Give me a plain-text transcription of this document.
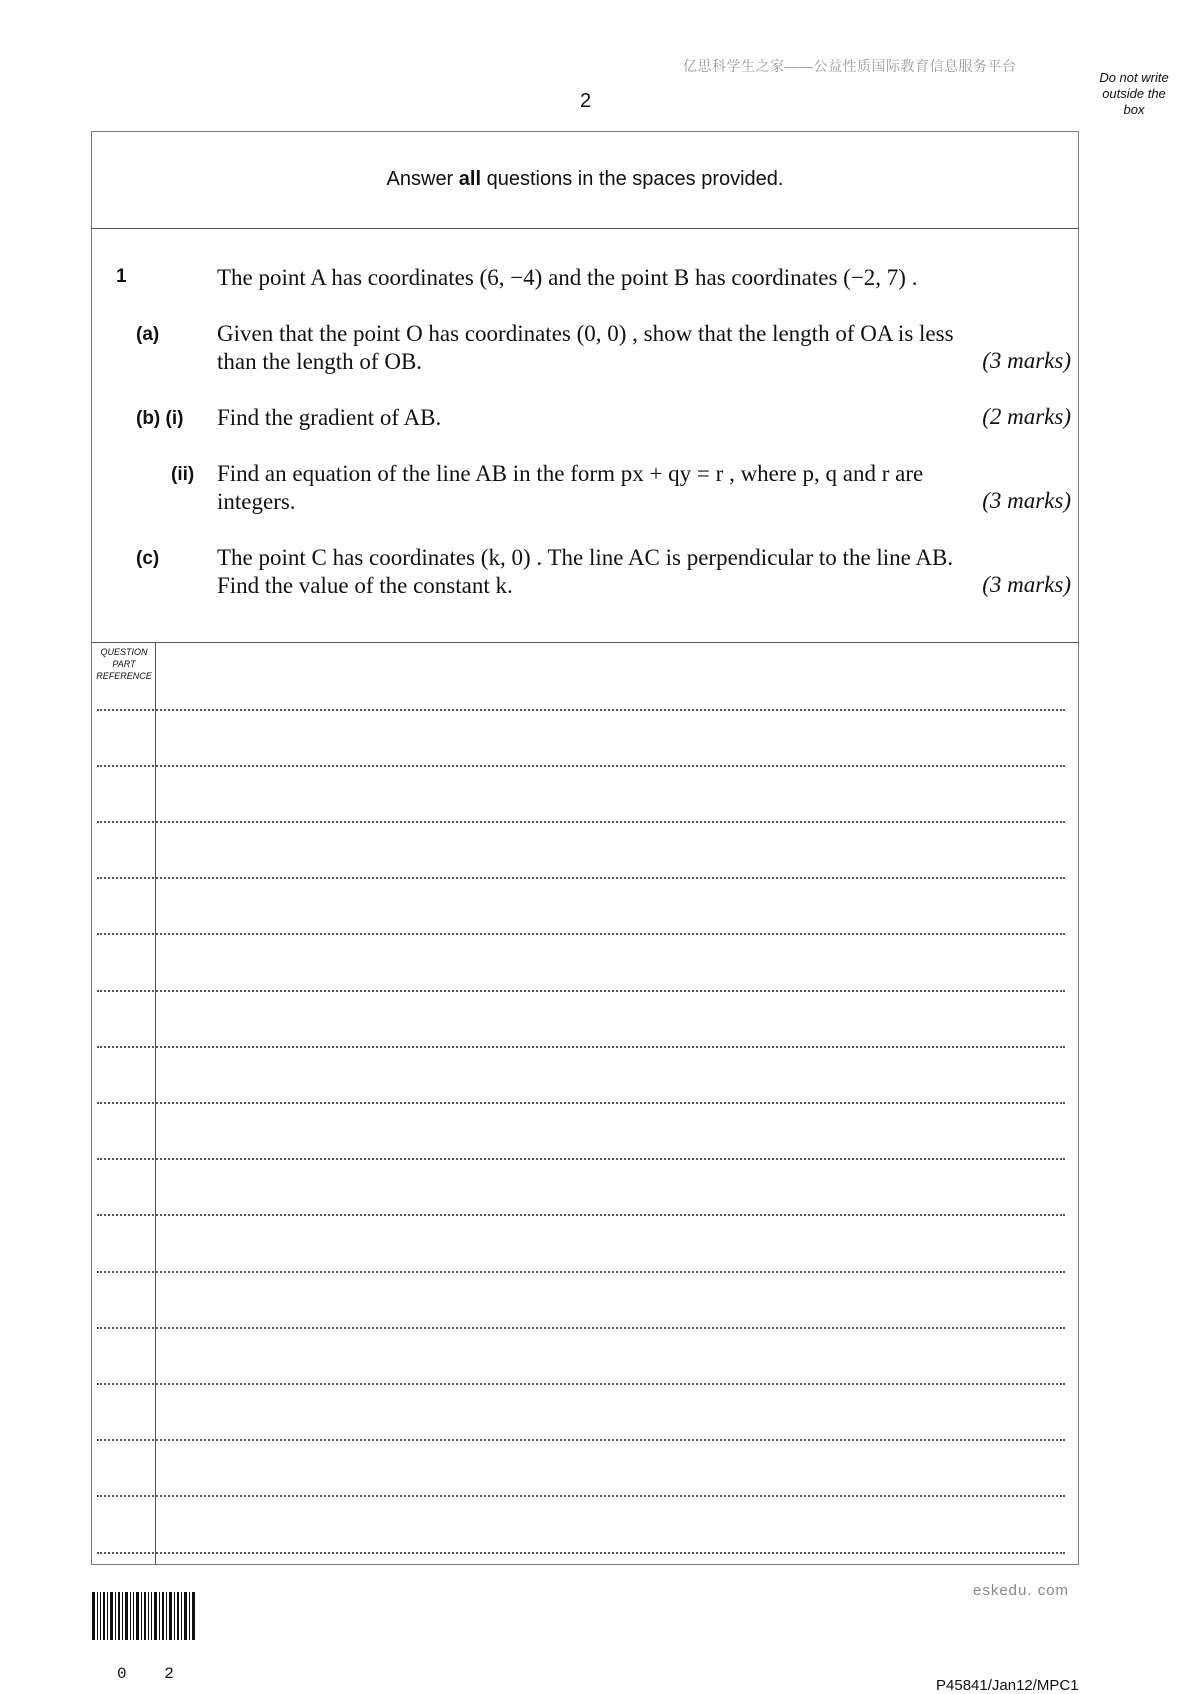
亿思科学生之家——公益性质国际教育信息服务平台
2
Do not write outside the box
Answer
all
questions in the spaces provided.
1	The point A has coordinates (6, −4) and the point B has coordinates (−2, 7) .
(a)	Given that the point O has coordinates (0, 0) , show that the length of OA is less
than the length of OB.	(3 marks)
(b) (i) Find the gradient of AB.	(2 marks)
(ii) Find an equation of the line AB in the form px + qy = r , where p, q and r are
integers.	(3 marks)
(c)	The point C has coordinates (k, 0) . The line AC is perpendicular to the line AB.
Find the value of the constant k.	(3 marks)
QUESTION PART REFERENCE
eskedu. com
0 2
P45841/Jan12/MPC1
